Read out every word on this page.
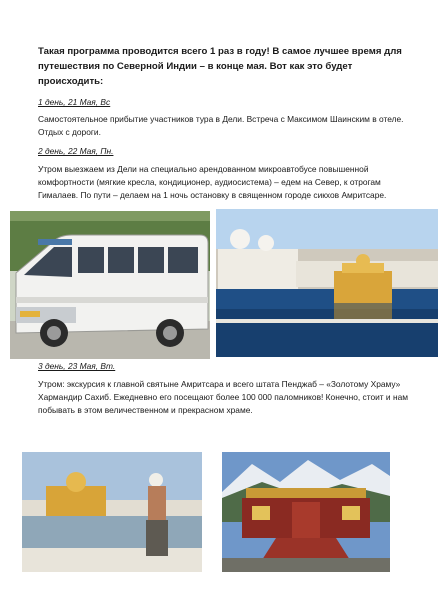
Такая программа проводится всего 1 раз в году! В самое лучшее время для путешествия по Северной Индии – в конце мая. Вот как это будет происходить:

1 день, 21 Мая, Вс

Самостоятельное прибытие участников тура в Дели. Встреча с Максимом Шаинским в отеле. Отдых с дороги.

2 день, 22 Мая, Пн.

Утром выезжаем из Дели на специально арендованном микроавтобусе повышенной комфортности (мягкие кресла, кондиционер, аудиосистема) – едем на Север, к отрогам Гималаев. По пути – делаем на 1 ночь остановку в священном городе сикхов Амритсаре.

3 день, 23 Мая, Вт.

Утром: экскурсия к главной святыне Амритсара и всего штата Пенджаб – «Золотому Храму» Хармандир Сахиб. Ежедневно его посещают более 100 000 паломников! Конечно, стоит и нам побывать в этом величественном и прекрасном храме.
